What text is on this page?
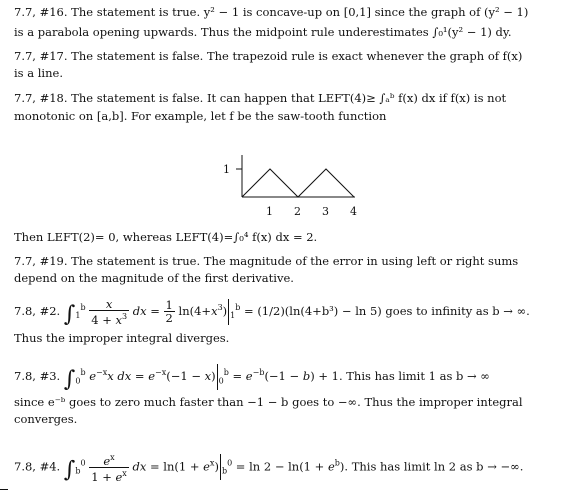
7.7, #16. The statement is true. y² − 1 is concave-up on [0,1] since the graph of (y² − 1)
is a parabola opening upwards. Thus the midpoint rule underestimates ∫₀¹(y² − 1) dy.
7.7, #17. The statement is false. The trapezoid rule is exact whenever the graph of f(x)
is a line.
7.7, #18. The statement is false. It can happen that LEFT(4)≥ ∫ₐᵇ f(x) dx if f(x) is not
monotonic on [a,b]. For example, let f be the saw-tooth function
1
1 2 3 4
Then LEFT(2)= 0, whereas LEFT(4)=∫₀⁴ f(x) dx = 2.
7.7, #19. The statement is true. The magnitude of the error in using left or right sums
depend on the magnitude of the first derivative.
7.8, #2. $\int_1^b \frac{x}{4 + x^3}$ dx = $\frac{1}{2} \ln(4+x^3) _1^b = (1/2)(\ln(4+b^3) - \ln 5)$ goes to infinity as b → ∞.
Thus the improper integral diverges.
7.8, #3. $\int_0^b$ $e^{-x}x$ dx = $e^{-x}(-1 - x) _0^b = e^{-b}(-1 - b) + 1$. This has limit 1 as b → ∞
since e⁻ᵇ goes to zero much faster than −1 − b goes to −∞. Thus the improper integral
converges.
7.8, #4. $\int_b^0 \frac{e^x}{1 + e^x}$ dx = $\ln(1 + e^x)$ $_b^0 = \ln 2 - \ln(1 + e^b)$. This has limit ln 2 as b → −∞.
